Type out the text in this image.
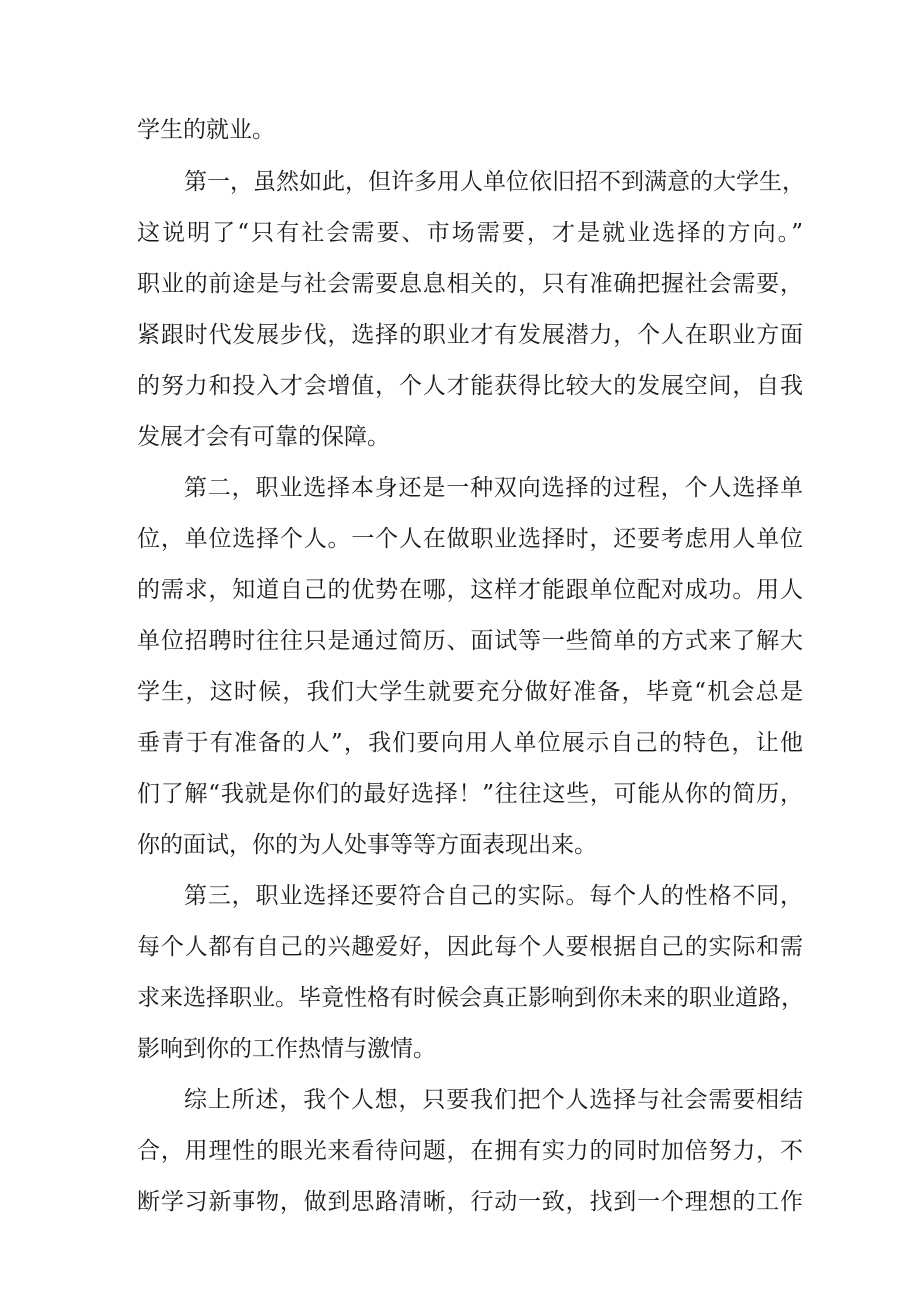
学生的就业。
第一，虽然如此，但许多用人单位依旧招不到满意的大学生，
这说明了“只有社会需要、市场需要，才是就业选择的方向。”
职业的前途是与社会需要息息相关的，只有准确把握社会需要，
紧跟时代发展步伐，选择的职业才有发展潜力，个人在职业方面
的努力和投入才会增值，个人才能获得比较大的发展空间，自我
发展才会有可靠的保障。
第二，职业选择本身还是一种双向选择的过程，个人选择单
位，单位选择个人。一个人在做职业选择时，还要考虑用人单位
的需求，知道自己的优势在哪，这样才能跟单位配对成功。用人
单位招聘时往往只是通过简历、面试等一些简单的方式来了解大
学生，这时候，我们大学生就要充分做好准备，毕竟“机会总是
垂青于有准备的人”，我们要向用人单位展示自己的特色，让他
们了解“我就是你们的最好选择！”往往这些，可能从你的简历，
你的面试，你的为人处事等等方面表现出来。
第三，职业选择还要符合自己的实际。每个人的性格不同，
每个人都有自己的兴趣爱好，因此每个人要根据自己的实际和需
求来选择职业。毕竟性格有时候会真正影响到你未来的职业道路，
影响到你的工作热情与激情。
综上所述，我个人想，只要我们把个人选择与社会需要相结
合，用理性的眼光来看待问题，在拥有实力的同时加倍努力，不
断学习新事物，做到思路清晰，行动一致，找到一个理想的工作
